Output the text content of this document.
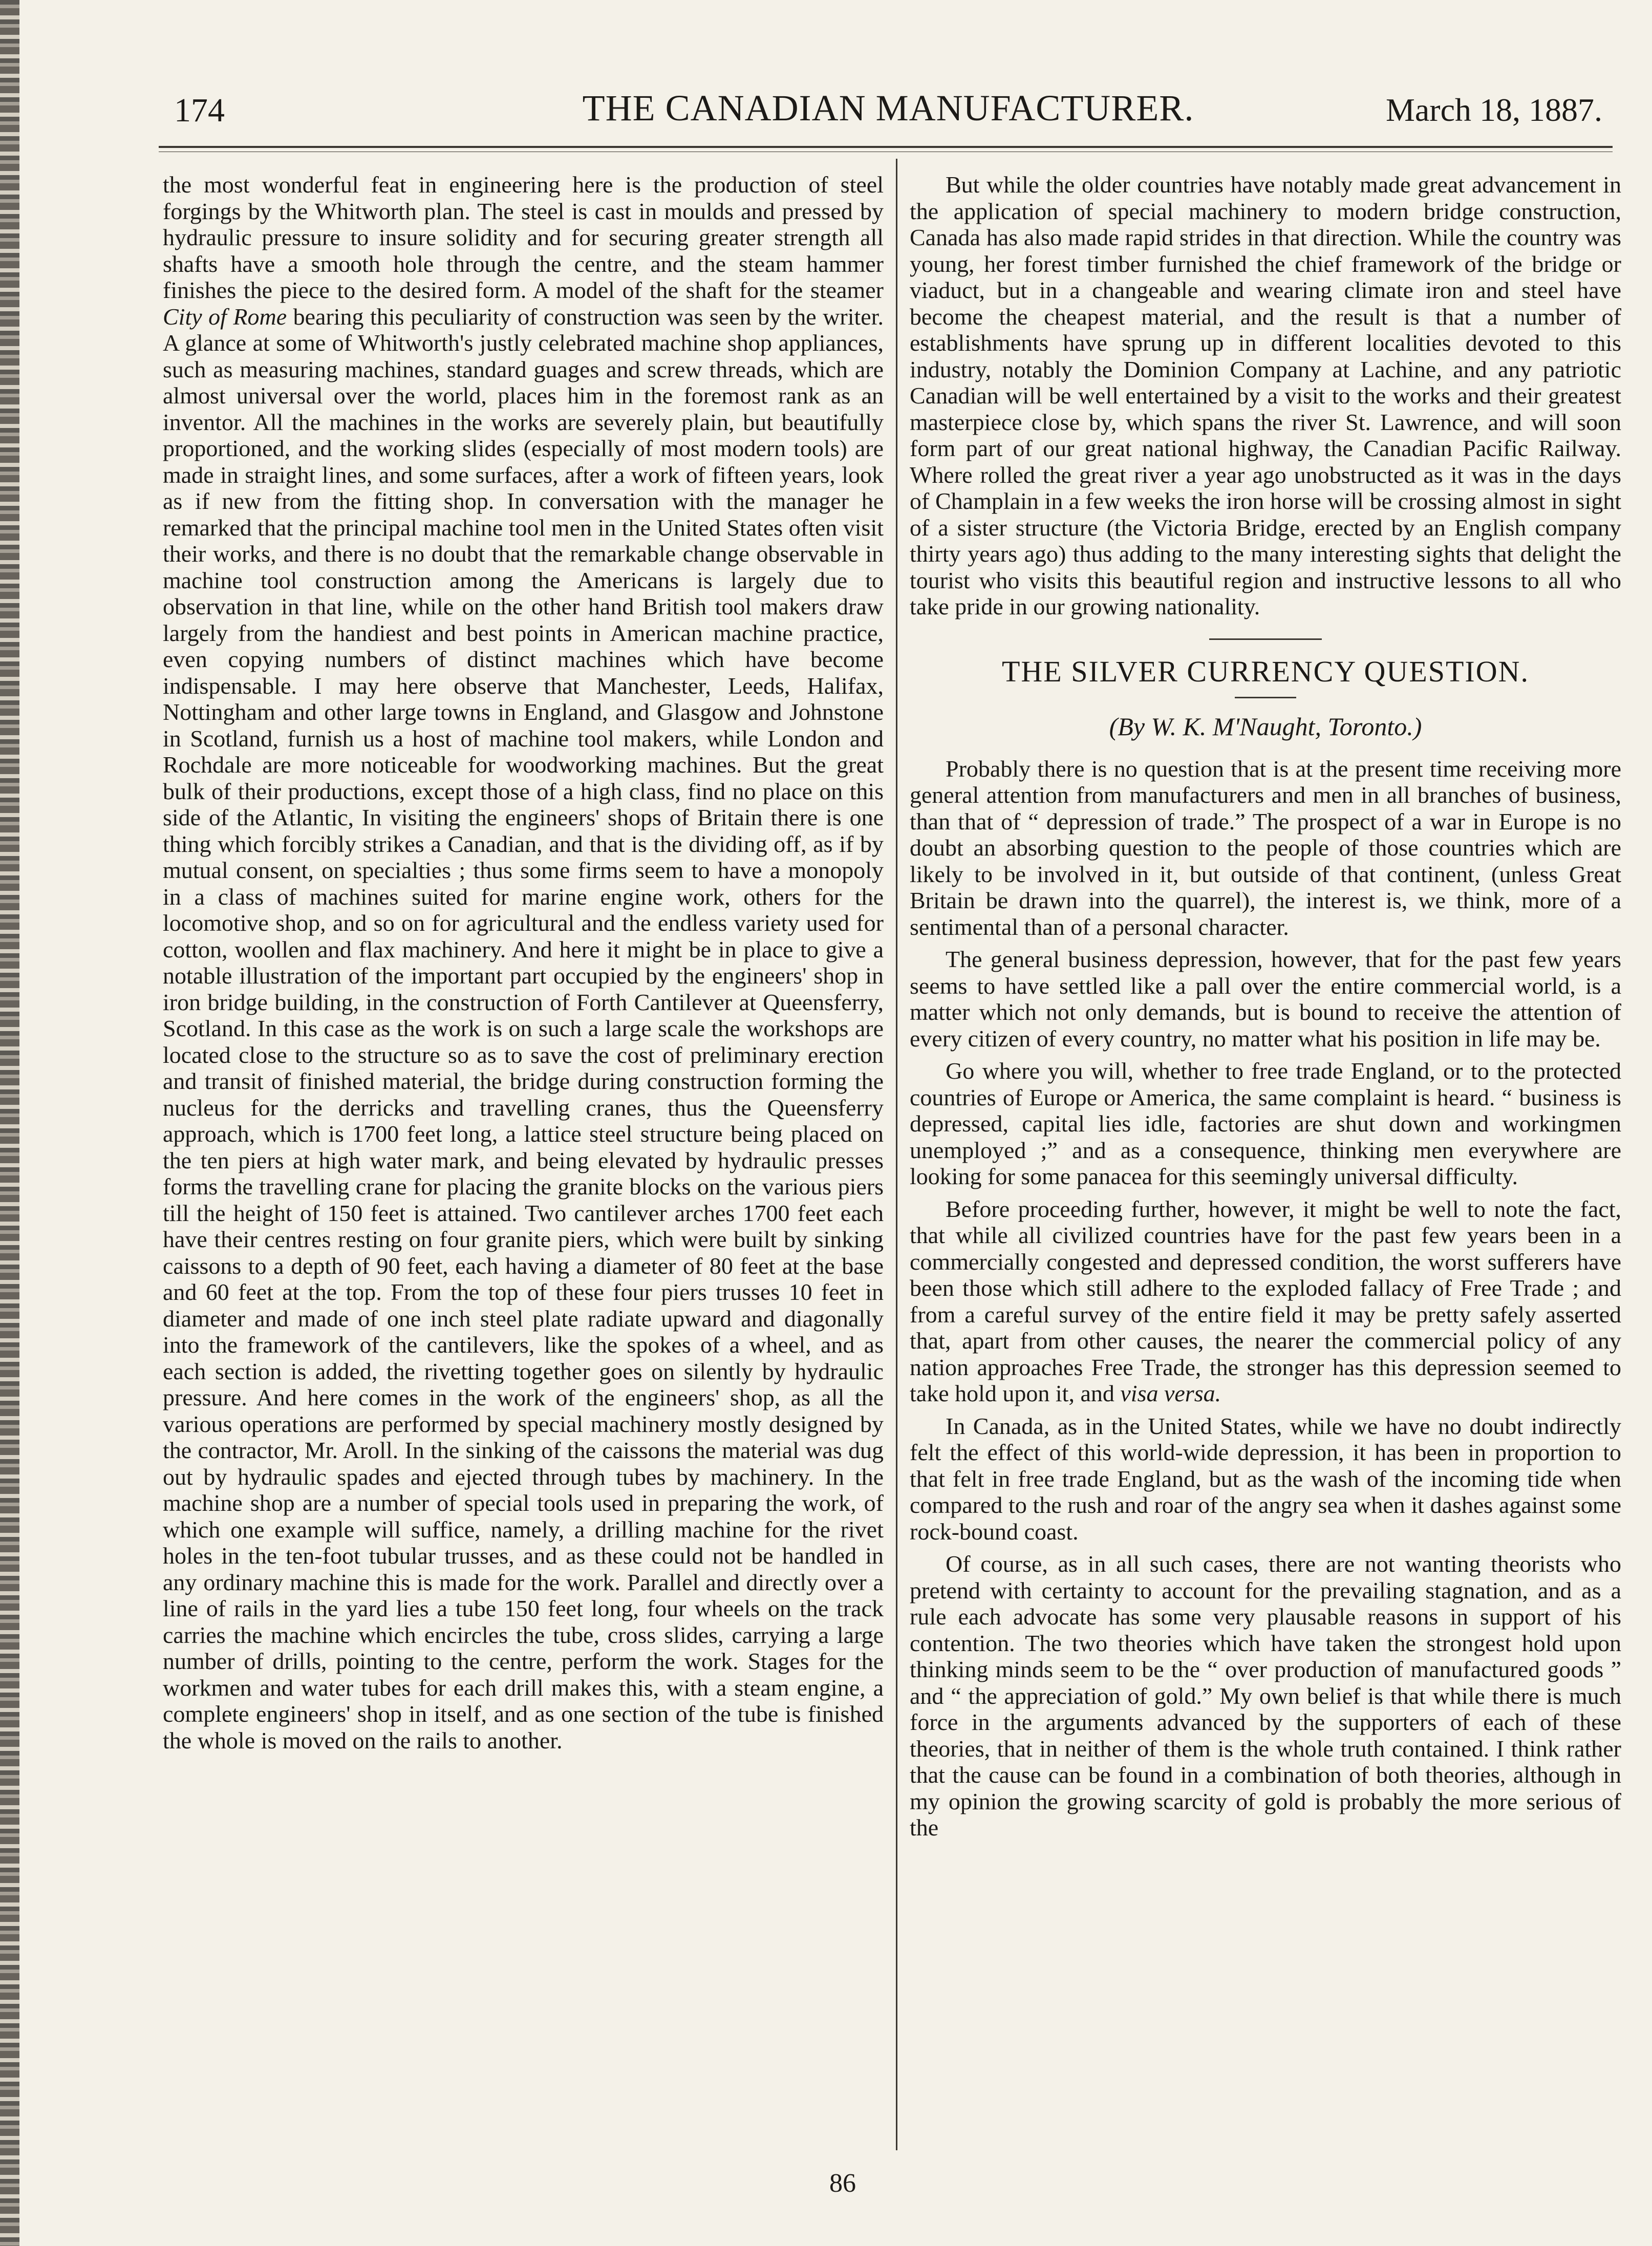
174	THE CANADIAN MANUFACTURER.	March 18, 1887.

the most wonderful feat in engineering here is the production of steel forgings by the Whitworth plan. The steel is cast in moulds and pressed by hydraulic pressure to insure solidity and for securing greater strength all shafts have a smooth hole through the centre, and the steam hammer finishes the piece to the desired form. A model of the shaft for the steamer City of Rome bearing this peculiarity of construction was seen by the writer. A glance at some of Whitworth's justly celebrated machine shop appliances, such as measuring machines, standard guages and screw threads, which are almost universal over the world, places him in the foremost rank as an inventor. All the machines in the works are severely plain, but beautifully proportioned, and the working slides (especially of most modern tools) are made in straight lines, and some surfaces, after a work of fifteen years, look as if new from the fitting shop. In conversation with the manager he remarked that the principal machine tool men in the United States often visit their works, and there is no doubt that the remarkable change observable in machine tool construction among the Americans is largely due to observation in that line, while on the other hand British tool makers draw largely from the handiest and best points in American machine practice, even copying numbers of distinct machines which have become indispensable. I may here observe that Manchester, Leeds, Halifax, Nottingham and other large towns in England, and Glasgow and Johnstone in Scotland, furnish us a host of machine tool makers, while London and Rochdale are more noticeable for woodworking machines. But the great bulk of their productions, except those of a high class, find no place on this side of the Atlantic, In visiting the engineers' shops of Britain there is one thing which forcibly strikes a Canadian, and that is the dividing off, as if by mutual consent, on specialties ; thus some firms seem to have a monopoly in a class of machines suited for marine engine work, others for the locomotive shop, and so on for agricultural and the endless variety used for cotton, woollen and flax machinery. And here it might be in place to give a notable illustration of the important part occupied by the engineers' shop in iron bridge building, in the construction of Forth Cantilever at Queensferry, Scotland. In this case as the work is on such a large scale the workshops are located close to the structure so as to save the cost of preliminary erection and transit of finished material, the bridge during construction forming the nucleus for the derricks and travelling cranes, thus the Queensferry approach, which is 1700 feet long, a lattice steel structure being placed on the ten piers at high water mark, and being elevated by hydraulic presses forms the travelling crane for placing the granite blocks on the various piers till the height of 150 feet is attained. Two cantilever arches 1700 feet each have their centres resting on four granite piers, which were built by sinking caissons to a depth of 90 feet, each having a diameter of 80 feet at the base and 60 feet at the top. From the top of these four piers trusses 10 feet in diameter and made of one inch steel plate radiate upward and diagonally into the framework of the cantilevers, like the spokes of a wheel, and as each section is added, the rivetting together goes on silently by hydraulic pressure. And here comes in the work of the engineers' shop, as all the various operations are performed by special machinery mostly designed by the contractor, Mr. Aroll. In the sinking of the caissons the material was dug out by hydraulic spades and ejected through tubes by machinery. In the machine shop are a number of special tools used in preparing the work, of which one example will suffice, namely, a drilling machine for the rivet holes in the ten-foot tubular trusses, and as these could not be handled in any ordinary machine this is made for the work. Parallel and directly over a line of rails in the yard lies a tube 150 feet long, four wheels on the track carries the machine which encircles the tube, cross slides, carrying a large number of drills, pointing to the centre, perform the work. Stages for the workmen and water tubes for each drill makes this, with a steam engine, a complete engineers' shop in itself, and as one section of the tube is finished the whole is moved on the rails to another.

But while the older countries have notably made great advancement in the application of special machinery to modern bridge construction, Canada has also made rapid strides in that direction. While the country was young, her forest timber furnished the chief framework of the bridge or viaduct, but in a changeable and wearing climate iron and steel have become the cheapest material, and the result is that a number of establishments have sprung up in different localities devoted to this industry, notably the Dominion Company at Lachine, and any patriotic Canadian will be well entertained by a visit to the works and their greatest masterpiece close by, which spans the river St. Lawrence, and will soon form part of our great national highway, the Canadian Pacific Railway. Where rolled the great river a year ago unobstructed as it was in the days of Champlain in a few weeks the iron horse will be crossing almost in sight of a sister structure (the Victoria Bridge, erected by an English company thirty years ago) thus adding to the many interesting sights that delight the tourist who visits this beautiful region and instructive lessons to all who take pride in our growing nationality.

THE SILVER CURRENCY QUESTION.
(By W. K. M'Naught, Toronto.)

Probably there is no question that is at the present time receiving more general attention from manufacturers and men in all branches of business, than that of “ depression of trade.” The prospect of a war in Europe is no doubt an absorbing question to the people of those countries which are likely to be involved in it, but outside of that continent, (unless Great Britain be drawn into the quarrel), the interest is, we think, more of a sentimental than of a personal character.

The general business depression, however, that for the past few years seems to have settled like a pall over the entire commercial world, is a matter which not only demands, but is bound to receive the attention of every citizen of every country, no matter what his position in life may be.

Go where you will, whether to free trade England, or to the protected countries of Europe or America, the same complaint is heard. “ business is depressed, capital lies idle, factories are shut down and workingmen unemployed ;” and as a consequence, thinking men everywhere are looking for some panacea for this seemingly universal difficulty.

Before proceeding further, however, it might be well to note the fact, that while all civilized countries have for the past few years been in a commercially congested and depressed condition, the worst sufferers have been those which still adhere to the exploded fallacy of Free Trade ; and from a careful survey of the entire field it may be pretty safely asserted that, apart from other causes, the nearer the commercial policy of any nation approaches Free Trade, the stronger has this depression seemed to take hold upon it, and visa versa.

In Canada, as in the United States, while we have no doubt indirectly felt the effect of this world-wide depression, it has been in proportion to that felt in free trade England, but as the wash of the incoming tide when compared to the rush and roar of the angry sea when it dashes against some rock-bound coast.

Of course, as in all such cases, there are not wanting theorists who pretend with certainty to account for the prevailing stagnation, and as a rule each advocate has some very plausable reasons in support of his contention. The two theories which have taken the strongest hold upon thinking minds seem to be the “ over production of manufactured goods ” and “ the appreciation of gold.” My own belief is that while there is much force in the arguments advanced by the supporters of each of these theories, that in neither of them is the whole truth contained. I think rather that the cause can be found in a combination of both theories, although in my opinion the growing scarcity of gold is probably the more serious of the

86
